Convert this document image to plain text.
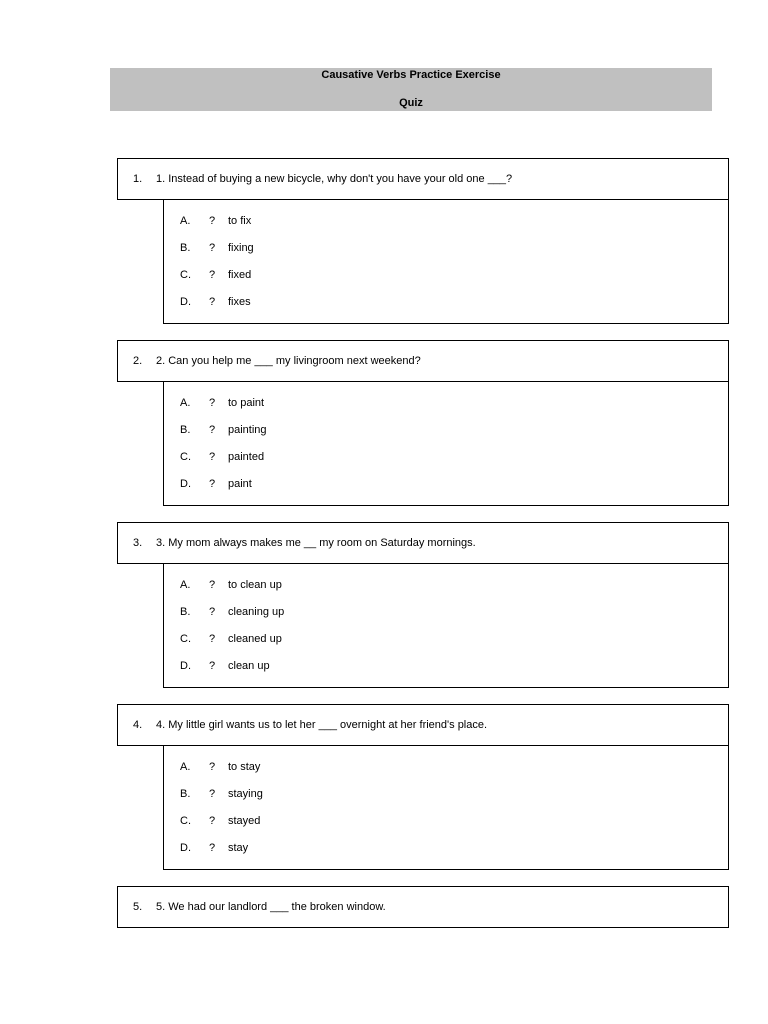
Causative Verbs Practice Exercise
Quiz
1. 1. Instead of buying a new bicycle, why don't you have your old one ___?
A. ? to fix
B. ? fixing
C. ? fixed
D. ? fixes
2. 2. Can you help me ___ my livingroom next weekend?
A. ? to paint
B. ? painting
C. ? painted
D. ? paint
3. 3. My mom always makes me __ my room on Saturday mornings.
A. ? to clean up
B. ? cleaning up
C. ? cleaned up
D. ? clean up
4. 4. My little girl wants us to let her ___ overnight at her friend's place.
A. ? to stay
B. ? staying
C. ? stayed
D. ? stay
5. 5. We had our landlord ___ the broken window.
